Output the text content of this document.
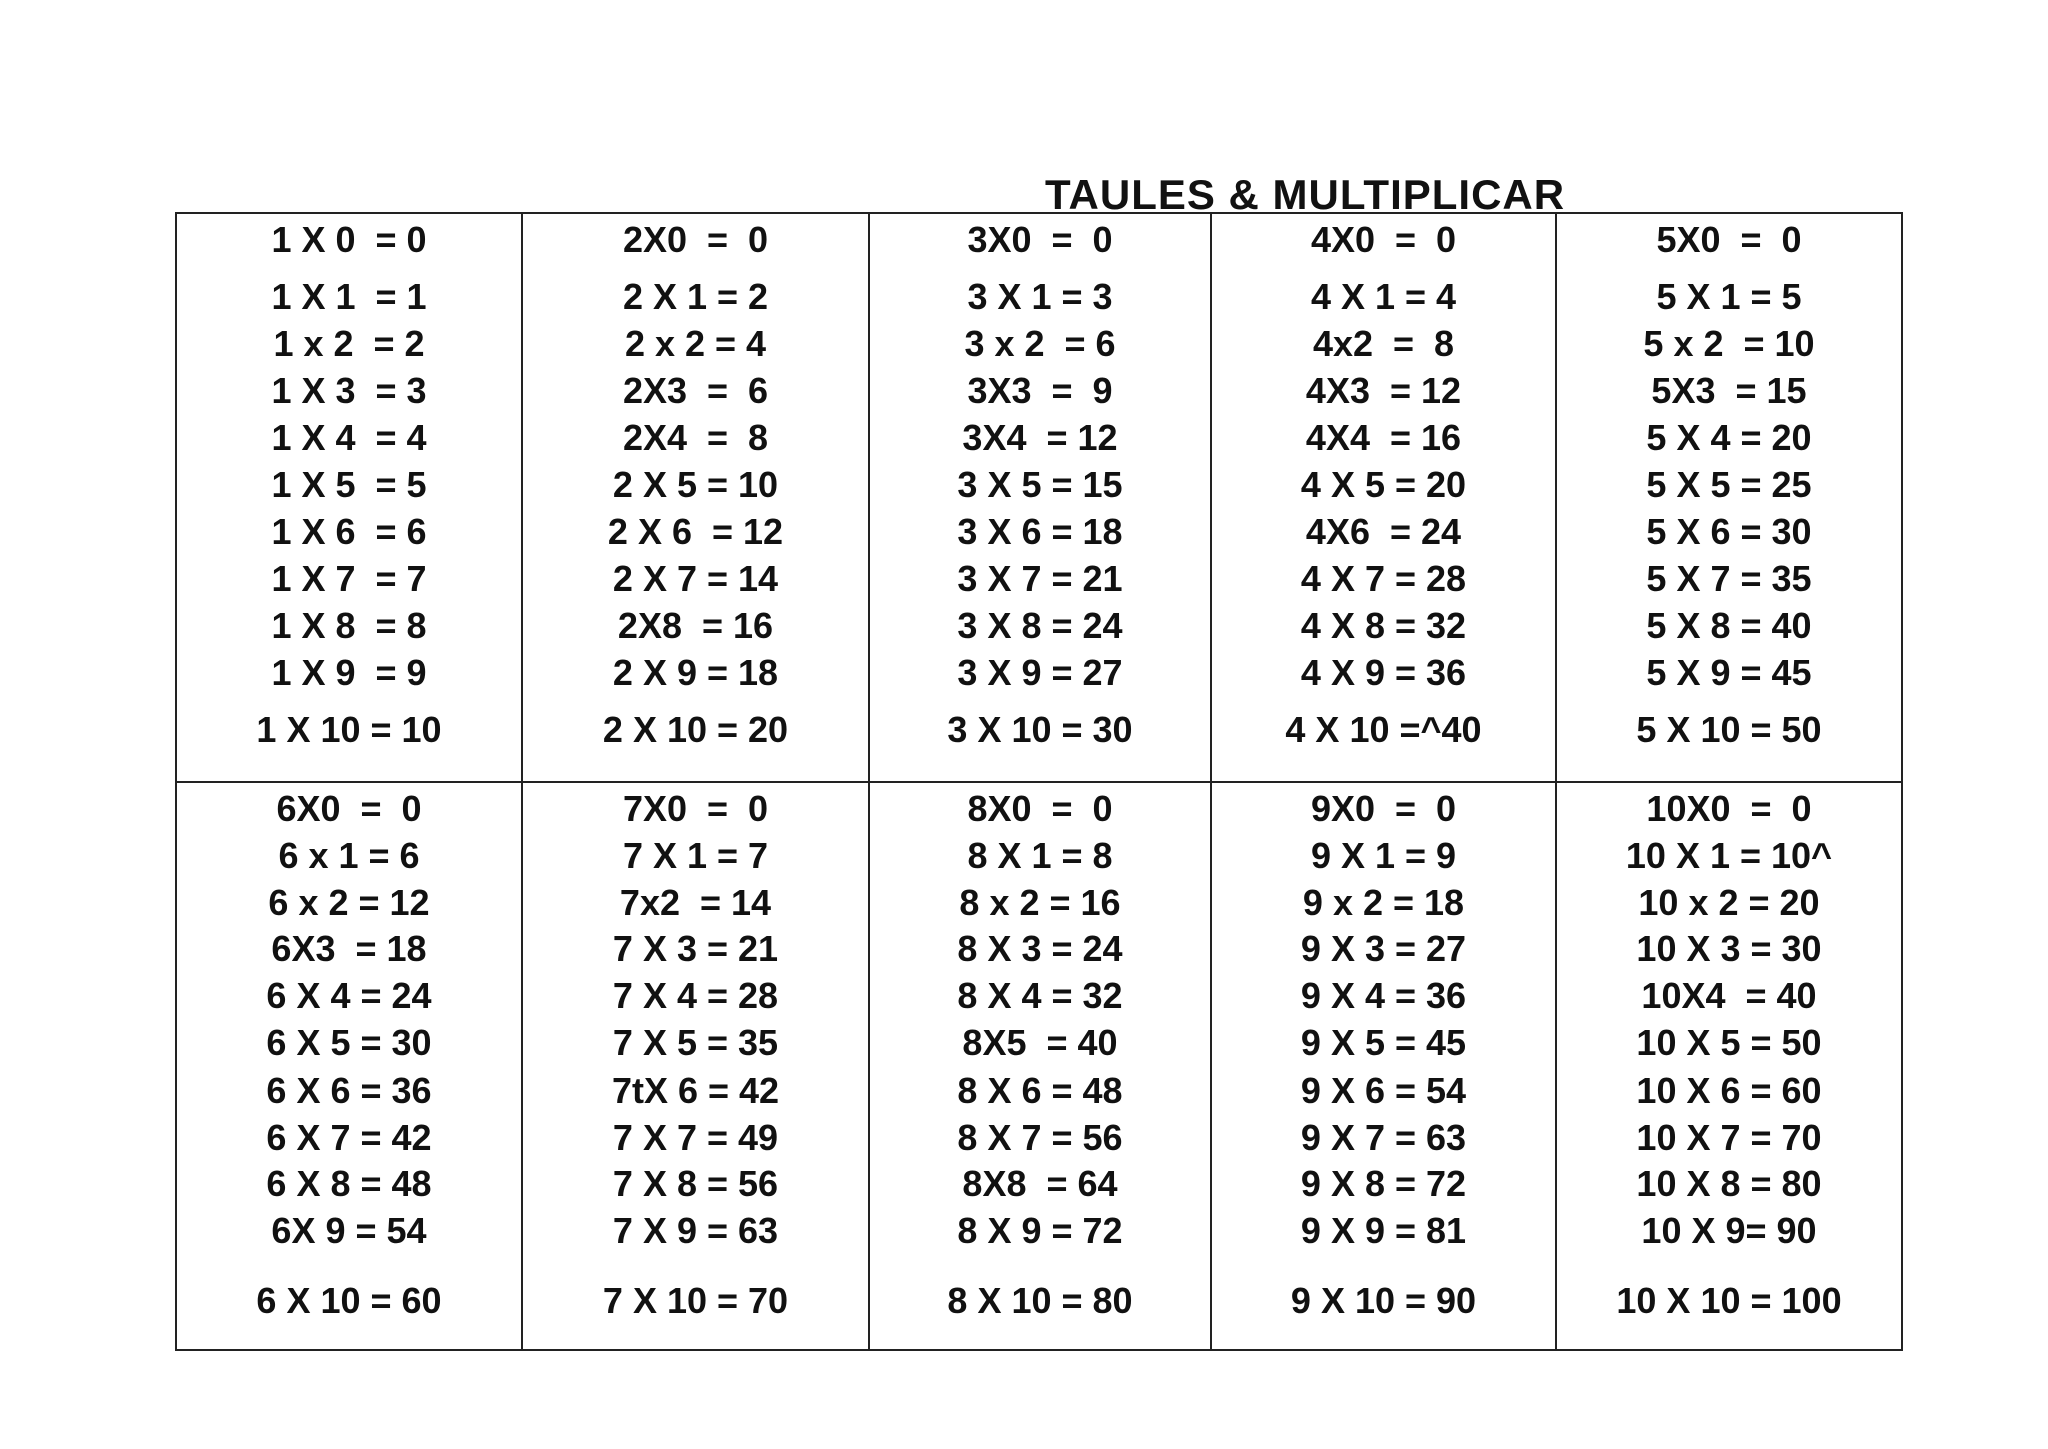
TAULES & MULTIPLICAR
1 X 0  = 0
1 X 1  = 1
1 x 2  = 2
1 X 3  = 3
1 X 4  = 4
1 X 5  = 5
1 X 6  = 6
1 X 7  = 7
1 X 8  = 8
1 X 9  = 9
1 X 10 = 10
2X0  =  0
2 X 1 = 2
2 x 2 = 4
2X3  =  6
2X4  =  8
2 X 5 = 10
2 X 6  = 12
2 X 7 = 14
2X8  = 16
2 X 9 = 18
2 X 10 = 20
3X0  =  0
3 X 1 = 3
3 x 2  = 6
3X3  =  9
3X4  = 12
3 X 5 = 15
3 X 6 = 18
3 X 7 = 21
3 X 8 = 24
3 X 9 = 27
3 X 10 = 30
4X0  =  0
4 X 1 = 4
4x2  =  8
4X3  = 12
4X4  = 16
4 X 5 = 20
4X6  = 24
4 X 7 = 28
4 X 8 = 32
4 X 9 = 36
4 X 10 =^40
5X0  =  0
5 X 1 = 5
5 x 2  = 10
5X3  = 15
5 X 4 = 20
5 X 5 = 25
5 X 6 = 30
5 X 7 = 35
5 X 8 = 40
5 X 9 = 45
5 X 10 = 50
6X0  =  0
6 x 1 = 6
6 x 2 = 12
6X3  = 18
6 X 4 = 24
6 X 5 = 30
6 X 6 = 36
6 X 7 = 42
6 X 8 = 48
6X 9 = 54
6 X 10 = 60
7X0  =  0
7 X 1 = 7
7x2  = 14
7 X 3 = 21
7 X 4 = 28
7 X 5 = 35
7tX 6 = 42
7 X 7 = 49
7 X 8 = 56
7 X 9 = 63
7 X 10 = 70
8X0  =  0
8 X 1 = 8
8 x 2 = 16
8 X 3 = 24
8 X 4 = 32
8X5  = 40
8 X 6 = 48
8 X 7 = 56
8X8  = 64
8 X 9 = 72
8 X 10 = 80
9X0  =  0
9 X 1 = 9
9 x 2 = 18
9 X 3 = 27
9 X 4 = 36
9 X 5 = 45
9 X 6 = 54
9 X 7 = 63
9 X 8 = 72
9 X 9 = 81
9 X 10 = 90
10X0  =  0
10 X 1 = 10^
10 x 2 = 20
10 X 3 = 30
10X4  = 40
10 X 5 = 50
10 X 6 = 60
10 X 7 = 70
10 X 8 = 80
10 X 9= 90
10 X 10 = 100
